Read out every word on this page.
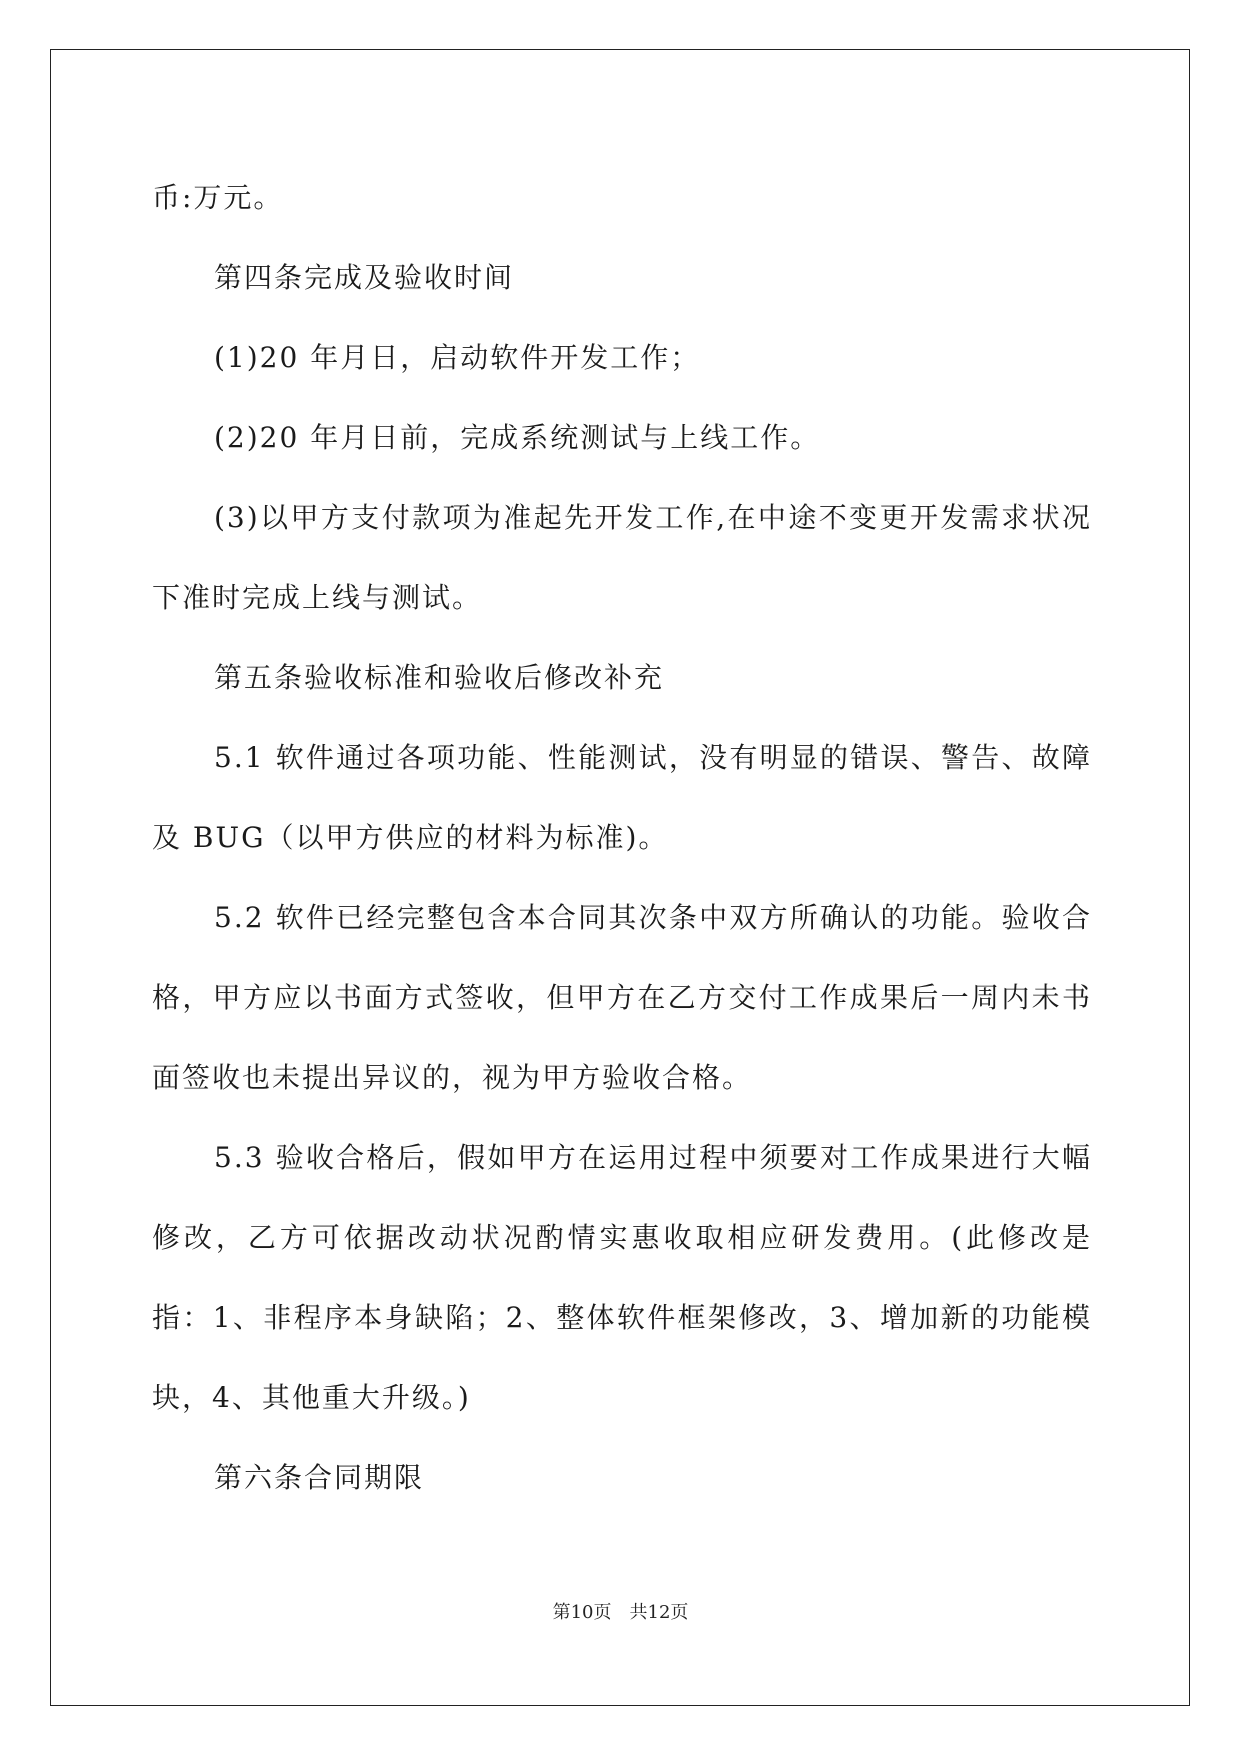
币:万元。

第四条完成及验收时间

(1)20 年月日，启动软件开发工作；

(2)20 年月日前，完成系统测试与上线工作。

(3)以甲方支付款项为准起先开发工作,在中途不变更开发需求状况下准时完成上线与测试。

第五条验收标准和验收后修改补充

5.1 软件通过各项功能、性能测试，没有明显的错误、警告、故障及 BUG（以甲方供应的材料为标准)。

5.2 软件已经完整包含本合同其次条中双方所确认的功能。验收合格，甲方应以书面方式签收，但甲方在乙方交付工作成果后一周内未书面签收也未提出异议的，视为甲方验收合格。

5.3 验收合格后，假如甲方在运用过程中须要对工作成果进行大幅修改，乙方可依据改动状况酌情实惠收取相应研发费用。(此修改是指：1、非程序本身缺陷；2、整体软件框架修改，3、增加新的功能模块，4、其他重大升级。)

第六条合同期限

第10页 共12页
